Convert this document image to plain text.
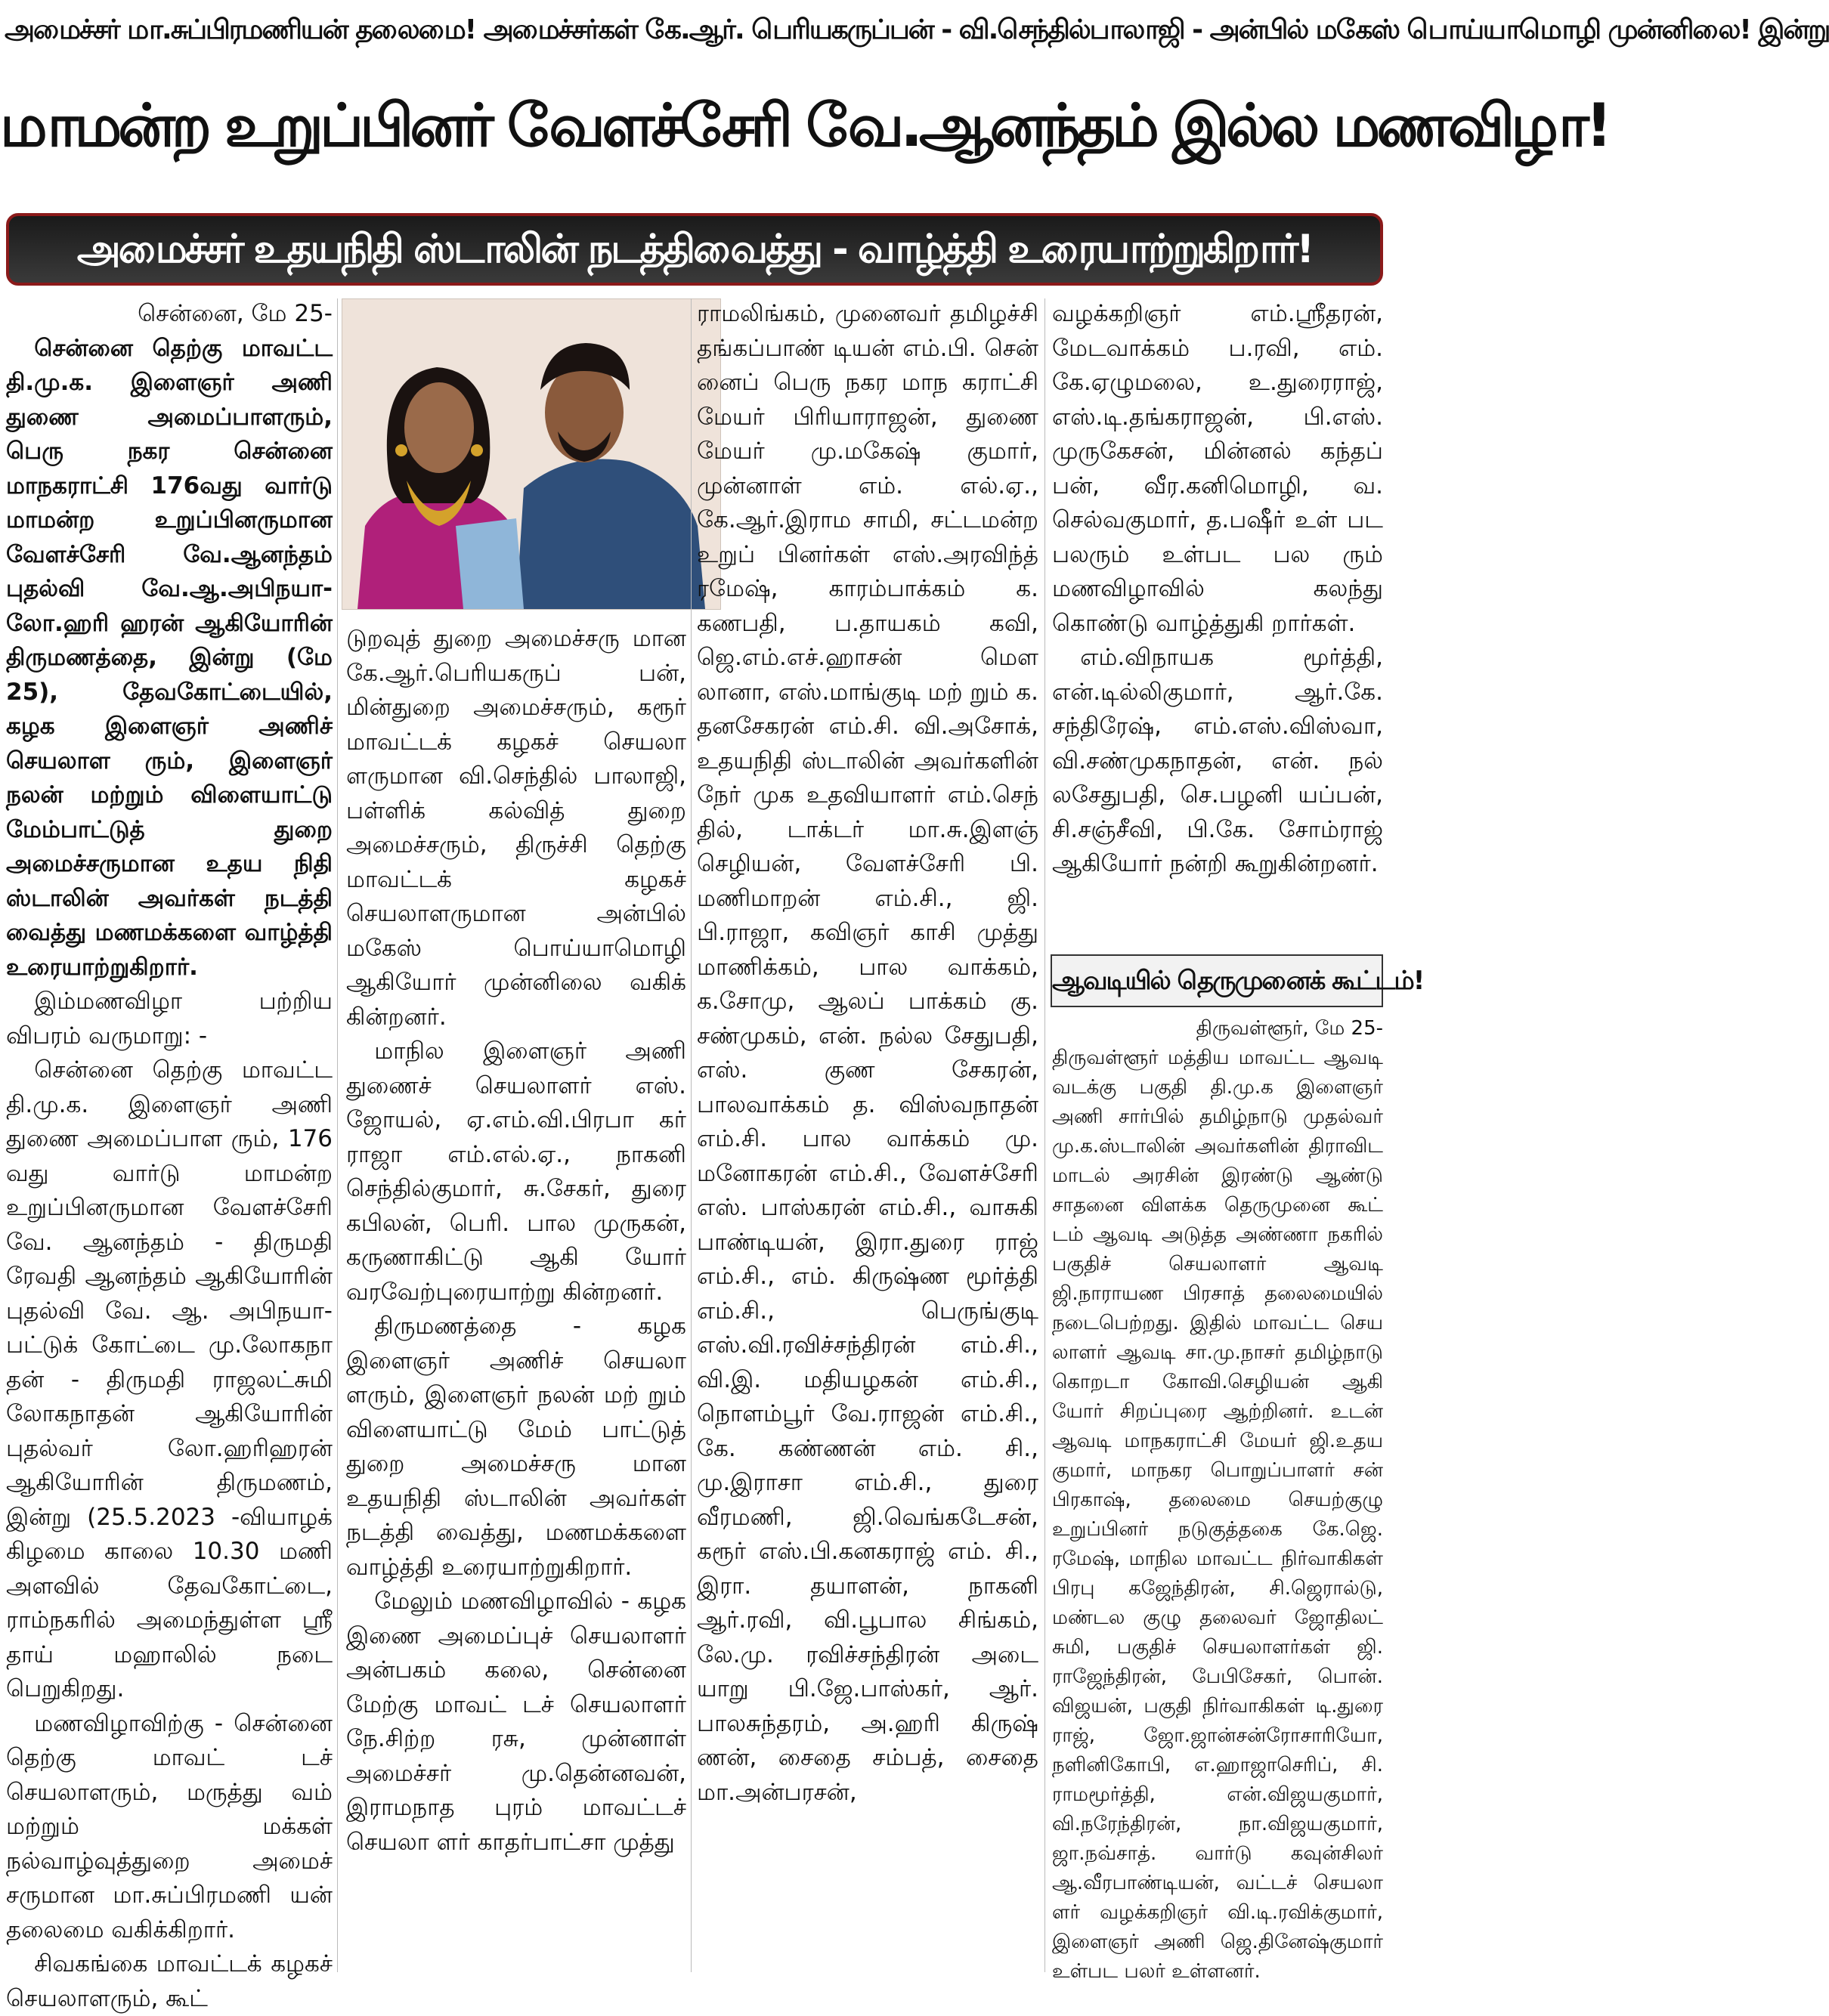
அமைச்சர் மா.சுப்பிரமணியன் தலைமை! அமைச்சர்கள் கே.ஆர். பெரியகருப்பன் - வி.செந்தில்பாலாஜி - அன்பில் மகேஸ் பொய்யாமொழி முன்னிலை! இன்று
மாமன்ற உறுப்பினர் வேளச்சேரி வே.ஆனந்தம் இல்ல மணவிழா!
அமைச்சர் உதயநிதி ஸ்டாலின் நடத்திவைத்து - வாழ்த்தி உரையாற்றுகிறார்!

சென்னை, மே 25-

சென்னை தெற்கு மாவட்ட தி.மு.க. இளைஞர் அணி துணை அமைப்பாளரும், பெரு நகர சென்னை மாநகராட்சி 176வது வார்டு மாமன்ற உறுப்பினருமான வேளச்சேரி வே.ஆனந்தம் புதல்வி வே.ஆ.அபிநயா-லோ.ஹரி ஹரன் ஆகியோரின் திருமணத்தை, இன்று (மே 25), தேவகோட்டையில், கழக இளைஞர் அணிச் செயலாள ரும், இளைஞர் நலன் மற்றும் விளையாட்டு மேம்பாட்டுத் துறை அமைச்சருமான உதய நிதி ஸ்டாலின் அவர்கள் நடத்தி வைத்து மணமக்களை வாழ்த்தி உரையாற்றுகிறார்.

இம்மணவிழா பற்றிய விபரம் வருமாறு: -

சென்னை தெற்கு மாவட்ட தி.மு.க. இளைஞர் அணி துணை அமைப்பாள ரும், 176 வது வார்டு மாமன்ற உறுப்பினருமான வேளச்சேரி வே. ஆனந்தம் - திருமதி ரேவதி ஆனந்தம் ஆகியோரின் புதல்வி வே. ஆ. அபிநயா-பட்டுக் கோட்டை மு.லோகநா தன் - திருமதி ராஜலட்சுமி லோகநாதன் ஆகியோரின் புதல்வர் லோ.ஹரிஹரன் ஆகியோரின் திருமணம், இன்று (25.5.2023 -வியாழக் கிழமை காலை 10.30 மணி அளவில் தேவகோட்டை, ராம்நகரில் அமைந்துள்ள ஸ்ரீ தாய் மஹாலில் நடை பெறுகிறது.

மணவிழாவிற்கு - சென்னை தெற்கு மாவட் டச் செயலாளரும், மருத்து வம் மற்றும் மக்கள் நல்வாழ்வுத்துறை அமைச் சருமான மா.சுப்பிரமணி யன் தலைமை வகிக்கிறார்.

சிவகங்கை மாவட்டக் கழகச் செயலாளரும், கூட்

டுறவுத் துறை அமைச்சரு மான கே.ஆர்.பெரியகருப் பன், மின்துறை அமைச்சரும், கரூர் மாவட்டக் கழகச் செயலா ளருமான வி.செந்தில் பாலாஜி, பள்ளிக் கல்வித் துறை அமைச்சரும், திருச்சி தெற்கு மாவட்டக் கழகச் செயலாளருமான அன்பில் மகேஸ் பொய்யாமொழி ஆகியோர் முன்னிலை வகிக் கின்றனர்.

மாநில இளைஞர் அணி துணைச் செயலாளர் எஸ். ஜோயல், ஏ.எம்.வி.பிரபா கர் ராஜா எம்.எல்.ஏ., நாகனி செந்தில்குமார், சு.சேகர், துரை கபிலன், பெரி. பால முருகன், கருணாகிட்டு ஆகி யோர் வரவேற்புரையாற்று கின்றனர்.

திருமணத்தை - கழக இளைஞர் அணிச் செயலா ளரும், இளைஞர் நலன் மற் றும் விளையாட்டு மேம் பாட்டுத் துறை அமைச்சரு மான உதயநிதி ஸ்டாலின் அவர்கள் நடத்தி வைத்து, மணமக்களை வாழ்த்தி உரையாற்றுகிறார்.

மேலும் மணவிழாவில் - கழக இணை அமைப்புச் செயலாளர் அன்பகம் கலை, சென்னை மேற்கு மாவட் டச் செயலாளர் நே.சிற்ற ரசு, முன்னாள் அமைச்சர் மு.தென்னவன், இராமநாத புரம் மாவட்டச் செயலா ளர் காதர்பாட்சா முத்து

ராமலிங்கம், முனைவர் தமிழச்சி தங்கப்பாண் டியன் எம்.பி. சென் னைப் பெரு நகர மாந கராட்சி மேயர் பிரியாராஜன், துணை மேயர் மு.மகேஷ் குமார், முன்னாள் எம். எல்.ஏ., கே.ஆர்.இராம சாமி, சட்டமன்ற உறுப் பினர்கள் எஸ்.அரவிந்த் ரமேஷ், காரம்பாக்கம் க. கணபதி, ப.தாயகம் கவி, ஜெ.எம்.எச்.ஹாசன் மௌ லானா, எஸ்.மாங்குடி மற் றும் க. தனசேகரன் எம்.சி. வி.அசோக், உதயநிதி ஸ்டாலின் அவர்களின் நேர் முக உதவியாளர் எம்.செந் தில், டாக்டர் மா.சு.இளஞ் செழியன், வேளச்சேரி பி. மணிமாறன் எம்.சி., ஜி. பி.ராஜா, கவிஞர் காசி முத்து மாணிக்கம், பால வாக்கம், க.சோமு, ஆலப் பாக்கம் கு. சண்முகம், என். நல்ல சேதுபதி, எஸ். குண சேகரன், பாலவாக்கம் த. விஸ்வநாதன் எம்.சி. பால வாக்கம் மு. மனோகரன் எம்.சி., வேளச்சேரி எஸ். பாஸ்கரன் எம்.சி., வாசுகி பாண்டியன், இரா.துரை ராஜ் எம்.சி., எம். கிருஷ்ண மூர்த்தி எம்.சி., பெருங்குடி எஸ்.வி.ரவிச்சந்திரன் எம்.சி., வி.இ. மதியழகன் எம்.சி., நொளம்பூர் வே.ராஜன் எம்.சி., கே. கண்ணன் எம். சி., மு.இராசா எம்.சி., துரை வீரமணி, ஜி.வெங்கடேசன், கரூர் எஸ்.பி.கனகராஜ் எம். சி., இரா. தயாளன், நாகனி ஆர்.ரவி, வி.பூபால சிங்கம், லே.மு. ரவிச்சந்திரன் அடை யாறு பி.ஜே.பாஸ்கர், ஆர். பாலசுந்தரம், அ.ஹரி கிருஷ் ணன், சைதை சம்பத், சைதை மா.அன்பரசன்,

வழக்கறிஞர் எம்.ஸ்ரீதரன், மேடவாக்கம் ப.ரவி, எம். கே.ஏழுமலை, உ.துரைராஜ், எஸ்.டி.தங்கராஜன், பி.எஸ். முருகேசன், மின்னல் கந்தப் பன், வீர.கனிமொழி, வ. செல்வகுமார், த.பஷீர் உள் பட பலரும் உள்பட பல ரும் மணவிழாவில் கலந்து கொண்டு வாழ்த்துகி றார்கள்.

எம்.விநாயக மூர்த்தி, என்.டில்லிகுமார், ஆர்.கே. சந்திரேஷ், எம்.எஸ்.விஸ்வா, வி.சண்முகநாதன், என். நல் லசேதுபதி, செ.பழனி யப்பன், சி.சஞ்சீவி, பி.கே. சோம்ராஜ் ஆகியோர் நன்றி கூறுகின்றனர்.

ஆவடியில் தெருமுனைக் கூட்டம்!

திருவள்ளூர், மே 25-

திருவள்ளூர் மத்திய மாவட்ட ஆவடி வடக்கு பகுதி தி.மு.க இளைஞர் அணி சார்பில் தமிழ்நாடு முதல்வர் மு.க.ஸ்டாலின் அவர்களின் திராவிட மாடல் அரசின் இரண்டு ஆண்டு சாதனை விளக்க தெருமுனை கூட் டம் ஆவடி அடுத்த அண்ணா நகரில் பகுதிச் செயலாளர் ஆவடி ஜி.நாராயண பிரசாத் தலைமையில் நடைபெற்றது. இதில் மாவட்ட செய லாளர் ஆவடி சா.மு.நாசர் தமிழ்நாடு கொறடா கோவி.செழியன் ஆகி யோர் சிறப்புரை ஆற்றினர். உடன் ஆவடி மாநகராட்சி மேயர் ஜி.உதய குமார், மாநகர பொறுப்பாளர் சன் பிரகாஷ், தலைமை செயற்குழு உறுப்பினர் நடுகுத்தகை கே.ஜெ. ரமேஷ், மாநில மாவட்ட நிர்வாகிகள் பிரபு கஜேந்திரன், சி.ஜெரால்டு, மண்டல குழு தலைவர் ஜோதிலட் சுமி, பகுதிச் செயலாளர்கள் ஜி. ராஜேந்திரன், பேபிசேகர், பொன். விஜயன், பகுதி நிர்வாகிகள் டி.துரை ராஜ், ஜோ.ஜான்சன்ரோசாரியோ, நளினிகோபி, எ.ஹாஜாசெரிப், சி. ராமமூர்த்தி, என்.விஜயகுமார், வி.நரேந்திரன், நா.விஜயகுமார், ஜா.நவ்சாத். வார்டு கவுன்சிலர் ஆ.வீரபாண்டியன், வட்டச் செயலா ளர் வழக்கறிஞர் வி.டி.ரவிக்குமார், இளைஞர் அணி ஜெ.தினேஷ்குமார் உள்பட பலர் உள்ளனர்.
